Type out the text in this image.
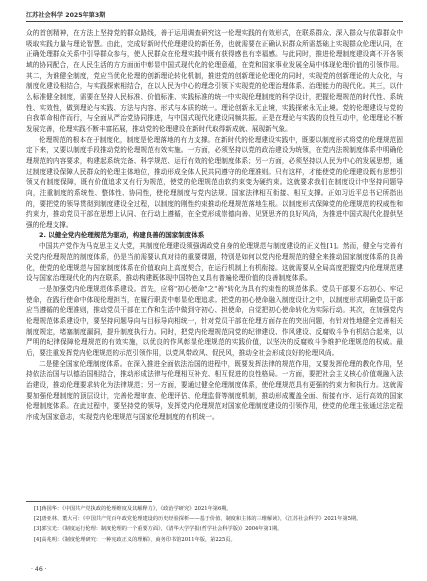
江苏社会科学 2025年第3期

众的首创精神，在方法上坚持党的群众路线，善于运用调查研究这一伦理实践的有效形式，在联系群众、深入群众与依靠群众中吸取实践力量与理论智慧。由此，完成好新时代伦理建设的新任务，也就需要在正确认识群众所需基础上实现群众伦理认同，在正确处理群众关系中引导群众参与，使人民群众在伦理实践中既有获得感也有幸福感。与此同时，推进伦理制度建设离不开各领域的协同配合，在人民生活的方方面面中彰显中国式现代化的伦理意蕴，在党和国家事业发展全局中体现伦理价值的引领作用。其二，为谁健全制度，党应当优化伦理的创新理论转化机制，推进党的创新理论伦理化的同时，实现党的创新理论的大众化，与制度化建设相结合，与实践探索相结合，在以人民为中心的理念引领下实现党的伦理治理体系、治理能力的现代化。其三，以什么标准健全制度，需要在坚持人民标准、价值标准、实践标准的统一中实现伦理制度的科学设计，把握伦理规范的时代性、系统性、实效性，做到理论与实践、方法与内容、形式与本质的统一。理论创新永无止境，实践探索永无止境。党的伦理建设与党的自我革命相伴而行，与全面从严治党协同推进，与中国式现代化建设同频共振。正是在理论与实践的良性互动中，伦理理论不断发展完善，伦理实践不断丰富拓展，推动党的伦理建设在新时代取得新成就、展现新气象。

伦理规范的根本在于制度化，制度是伦理落地的有力支撑。在新时代的伦理建设实践中，既要以制度形式将党的伦理规范固定下来，又要以制度手段推动党的伦理规范有效实施。一方面，必须坚持以党的政治建设为统领，在党内法规制度体系中明确伦理规范的内容要求，构建起系统完备、科学规范、运行有效的伦理制度体系；另一方面，必须坚持以人民为中心的发展思想，通过制度建设保障人民群众的伦理主体地位，推动形成全体人民共同遵守的伦理准则。只有这样，才能使党的伦理建设既有思想引领又有制度保障，既有价值追求又有行为规范，使党的伦理规范由软约束变为硬约束。这就要求我们在制度设计中坚持问题导向，注重制度的系统性、整体性、协同性，使伦理制度与党内法规、国家法律相互衔接、相互支撑。正如习近平总书记所指出的，要把党的领导贯彻到制度建设全过程，以制度的刚性约束推动伦理规范落地生根。以制度形式保障党的伦理规范的权威性和约束力，推动党员干部在思想上认同、在行动上遵循，在全党形成崇德向善、见贤思齐的良好风尚，为推进中国式现代化提供坚强的伦理支撑。

2. 以健全党内伦理规范为驱动，构建良善的国家制度体系

中国共产党作为马克思主义大党，其制度伦理建设须强调政党自身的伦理规范与制度建设的正义性[1]。然而，健全与完善有关党内伦理规范的制度体系，仍是当前需要认真对待的重要课题，特别是如何以党内伦理规范的健全来推动国家制度体系的良善化，使党的伦理规范与国家制度体系在价值取向上高度契合，在运行机制上有机衔接。这就需要从全局高度把握党内伦理规范建设与国家治理现代化的内在联系，推动构建既体现中国特色又具有普遍伦理价值的良善制度体系。

一是加强党内伦理规范体系建设。首先，应将"初心使命"之"善"转化为具有约束性的规范体系。党员干部要不忘初心、牢记使命，在践行使命中体现伦理担当，在履行职责中彰显伦理追求。把党的初心使命融入制度设计之中，以制度形式明确党员干部应当遵循的伦理准则，推动党员干部在工作和生活中做到守初心、担使命，自觉把初心使命转化为实际行动。其次，在加强党内伦理规范体系建设中，要坚持问题导向与目标导向相统一，针对党员干部在伦理方面存在的突出问题，有针对性地健全完善相关制度规定，堵塞制度漏洞，提升制度执行力。同时，把党内伦理规范同党的纪律建设、作风建设、反腐败斗争有机结合起来，以严明的纪律保障伦理规范的有效实施，以优良的作风彰显伦理规范的实践价值，以坚决的反腐败斗争维护伦理规范的权威。最后，要注重发挥党内伦理规范的示范引领作用，以党风带政风、促民风，推动全社会形成良好的伦理风尚。

二是健全国家伦理制度体系。在深入推进全面依法治国的进程中，既要发挥法律的规范作用，又要发挥伦理的教化作用，坚持依法治国与以德治国相结合，推动形成法律与伦理相互补充、相互促进的良性格局。一方面，要把社会主义核心价值观融入法治建设，推动伦理要求转化为法律规范；另一方面，要通过健全伦理制度体系，使伦理规范具有更强的约束力和执行力。这就需要加强伦理制度的顶层设计，完善伦理审查、伦理评估、伦理监督等制度机制，推动形成覆盖全面、衔接有序、运行高效的国家伦理制度体系。在此过程中，要坚持党的领导，发挥党内伦理规范对国家伦理制度建设的引领作用，使党的伦理主张通过法定程序成为国家意志，实现党内伦理规范与国家伦理制度的有机统一。

[1]蒋国华：《中国共产党执政的伦理维度及其解释力》，《政治学研究》2021年第6期。

[2]唐亚林、董大可：《中国共产党百年政党伦理建设的历史经验探析——基于价值、制度和主体的三维解读》，《江苏社会科学》2021年第5期。

[3]郭宝光：《制度运行伦理：制度伦理的一个重要方面》，《清华大学学报(哲学社会科学版)》2004年第1期。

[4]高兆明：《制度伦理研究：一种宪政正义的理解》，商务印书馆2011年版，第225页。

· 46 ·
